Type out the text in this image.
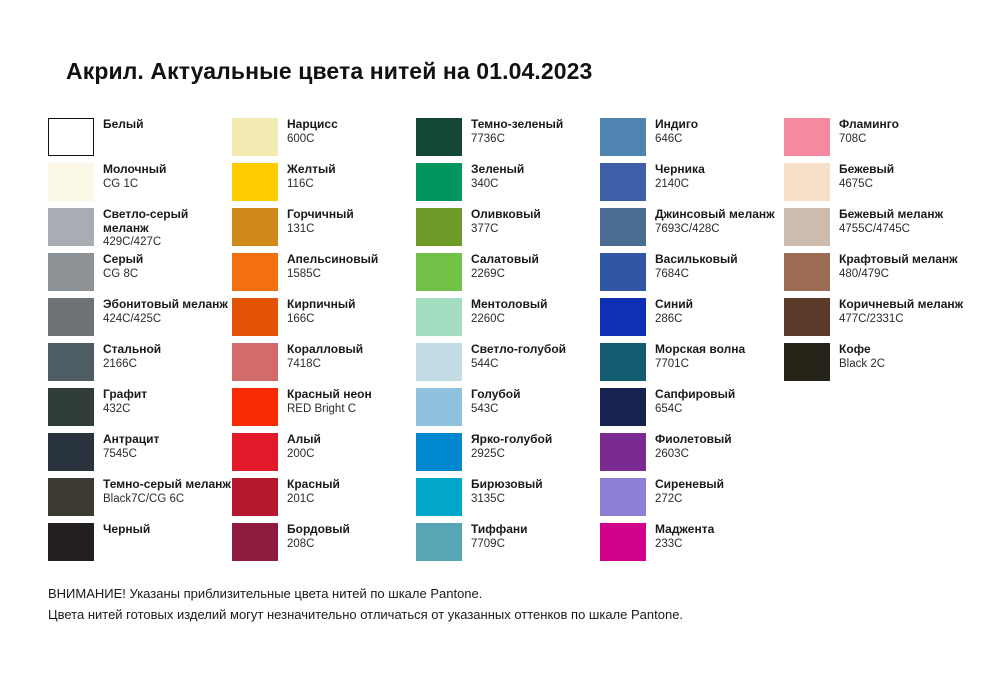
Акрил. Актуальные цвета нитей на 01.04.2023
Белый
Молочный
CG 1C
Светло-серый меланж
429C/427C
Серый
CG 8C
Эбонитовый меланж
424C/425C
Стальной
2166C
Графит
432C
Антрацит
7545C
Темно-серый меланж
Black7C/CG 6C
Черный
Нарцисс
600C
Желтый
116C
Горчичный
131C
Апельсиновый
1585C
Кирпичный
166C
Коралловый
7418C
Красный неон
RED Bright C
Алый
200C
Красный
201C
Бордовый
208C
Темно-зеленый
7736C
Зеленый
340C
Оливковый
377C
Салатовый
2269C
Ментоловый
2260C
Светло-голубой
544C
Голубой
543C
Ярко-голубой
2925C
Бирюзовый
3135C
Тиффани
7709C
Индиго
646C
Черника
2140C
Джинсовый меланж
7693C/428C
Васильковый
7684C
Синий
286C
Морская волна
7701C
Сапфировый
654C
Фиолетовый
2603C
Сиреневый
272C
Маджента
233C
Фламинго
708C
Бежевый
4675C
Бежевый меланж
4755C/4745C
Крафтовый меланж
480/479C
Коричневый меланж
477C/2331C
Кофе
Black 2C
ВНИМАНИЕ! Указаны приблизительные цвета нитей по шкале Pantone.
Цвета нитей готовых изделий могут незначительно отличаться от указанных оттенков по шкале Pantone.
